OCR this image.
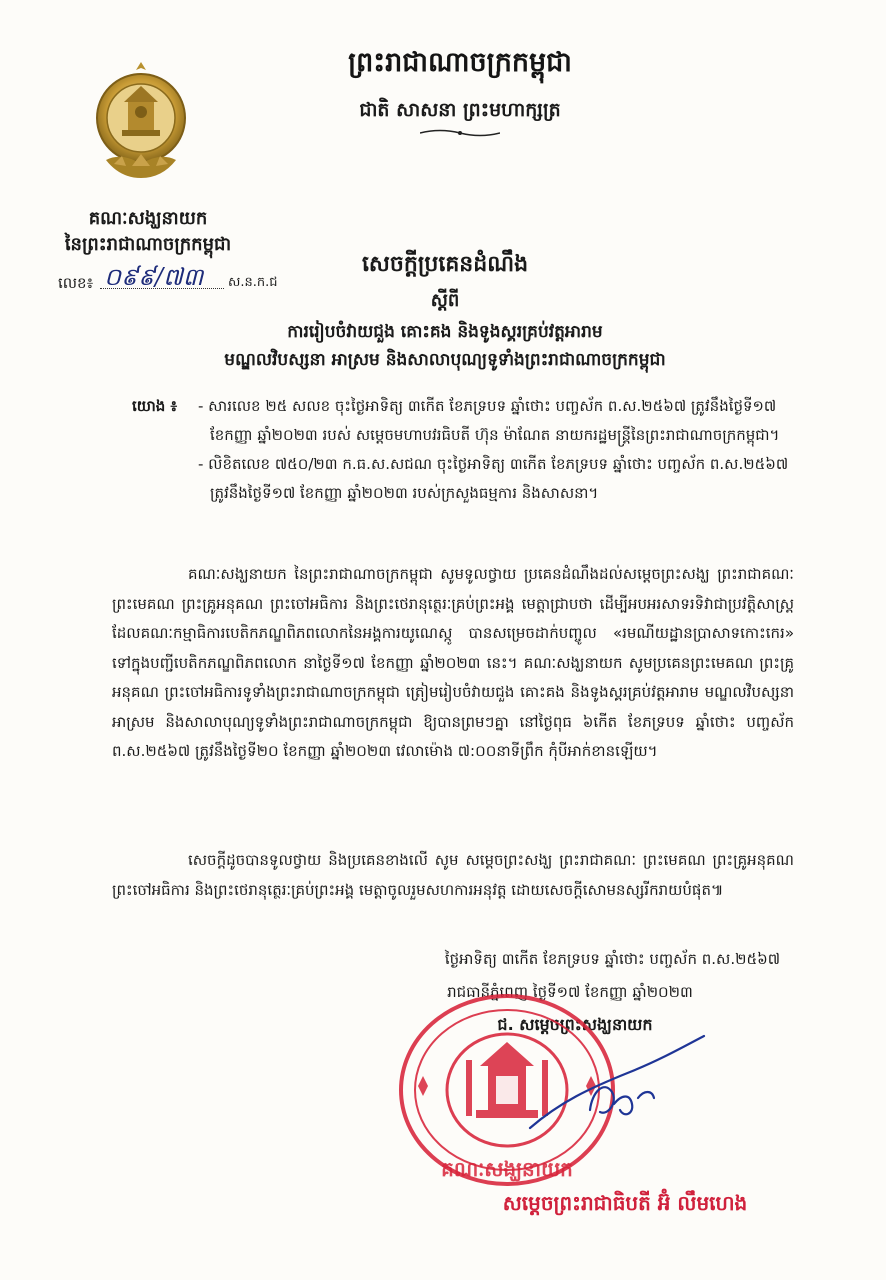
ព្រះរាជាណាចក្រកម្ពុជា
ជាតិ សាសនា ព្រះមហាក្សត្រ
គណៈសង្ឃនាយក
នៃព្រះរាជាណាចក្រកម្ពុជា
លេខ៖ ០៩៩/៧៣ ស.ន.ក.ជ
សេចក្តីប្រគេនដំណឹង
ស្តីពី
ការរៀបចំវាយជួង គោះគង និងទូងស្គរគ្រប់វត្តអារាម
មណ្ឌលវិបស្សនា អាស្រម និងសាលាបុណ្យទូទាំងព្រះរាជាណាចក្រកម្ពុជា
យោង ៖ - សារលេខ ២៥ សលខ ចុះថ្ងៃអាទិត្យ ៣កើត ខែភទ្របទ ឆ្នាំថោះ បញ្ចស័ក ព.ស.២៥៦៧ ត្រូវនឹងថ្ងៃទី១៧ ខែកញ្ញា ឆ្នាំ២០២៣ របស់ សម្តេចមហាបវរធិបតី ហ៊ុន ម៉ាណែត នាយករដ្ឋមន្ត្រីនៃព្រះរាជាណាចក្រកម្ពុជា។
- លិខិតលេខ ៧៥០/២៣ ក.ធ.ស.សជណ ចុះថ្ងៃអាទិត្យ ៣កើត ខែភទ្របទ ឆ្នាំថោះ បញ្ចស័ក ព.ស.២៥៦៧ ត្រូវនឹងថ្ងៃទី១៧ ខែកញ្ញា ឆ្នាំ២០២៣ របស់ក្រសួងធម្មការ និងសាសនា។
គណៈសង្ឃនាយក នៃព្រះរាជាណាចក្រកម្ពុជា សូមទូលថ្វាយ ប្រគេនដំណឹងដល់សម្តេចព្រះសង្ឃ ព្រះរាជាគណៈ ព្រះមេគណ ព្រះគ្រូអនុគណ ព្រះចៅអធិការ និងព្រះថេរានុត្ថេរៈគ្រប់ព្រះអង្គ មេត្តាជ្រាបថា ដើម្បីអបអរសាទរទិវាជាប្រវត្តិសាស្ត្រ ដែលគណៈកម្មាធិការបេតិកភណ្ឌពិភពលោកនៃអង្គការយូណេស្កូ បានសម្រេចដាក់បញ្ចូល «រមណីយដ្ឋានប្រាសាទកោះកេរ» ទៅក្នុងបញ្ជីបេតិកភណ្ឌពិភពលោក នាថ្ងៃទី១៧ ខែកញ្ញា ឆ្នាំ២០២៣ នេះ។ គណៈសង្ឃនាយក សូមប្រគេនព្រះមេគណ ព្រះគ្រូអនុគណ ព្រះចៅអធិការទូទាំងព្រះរាជាណាចក្រកម្ពុជា ត្រៀមរៀបចំវាយជួង គោះគង និងទូងស្គរគ្រប់វត្តអារាម មណ្ឌលវិបស្សនា អាស្រម និងសាលាបុណ្យទូទាំងព្រះរាជាណាចក្រកម្ពុជា ឱ្យបានព្រមៗគ្នា នៅថ្ងៃពុធ ៦កើត ខែភទ្របទ ឆ្នាំថោះ បញ្ចស័ក ព.ស.២៥៦៧ ត្រូវនឹងថ្ងៃទី២០ ខែកញ្ញា ឆ្នាំ២០២៣ វេលាម៉ោង ៧:០០នាទីព្រឹក កុំបីអាក់ខានឡើយ។
សេចក្តីដូចបានទូលថ្វាយ និងប្រគេនខាងលើ សូម សម្តេចព្រះសង្ឃ ព្រះរាជាគណៈ ព្រះមេគណ ព្រះគ្រូអនុគណ ព្រះចៅអធិការ និងព្រះថេរានុត្ថេរៈគ្រប់ព្រះអង្គ មេត្តាចូលរួមសហការអនុវត្ត ដោយសេចក្តីសោមនស្សរីករាយបំផុត៕
ថ្ងៃអាទិត្យ ៣កើត ខែភទ្របទ ឆ្នាំថោះ បញ្ចស័ក ព.ស.២៥៦៧
រាជធានីភ្នំពេញ ថ្ងៃទី១៧ ខែកញ្ញា ឆ្នាំ២០២៣
ជ. សម្តេចព្រះសង្ឃនាយក
គណៈសង្ឃនាយក
សម្តេចព្រះរាជាធិបតី អ៊ំ លឹមហេង
